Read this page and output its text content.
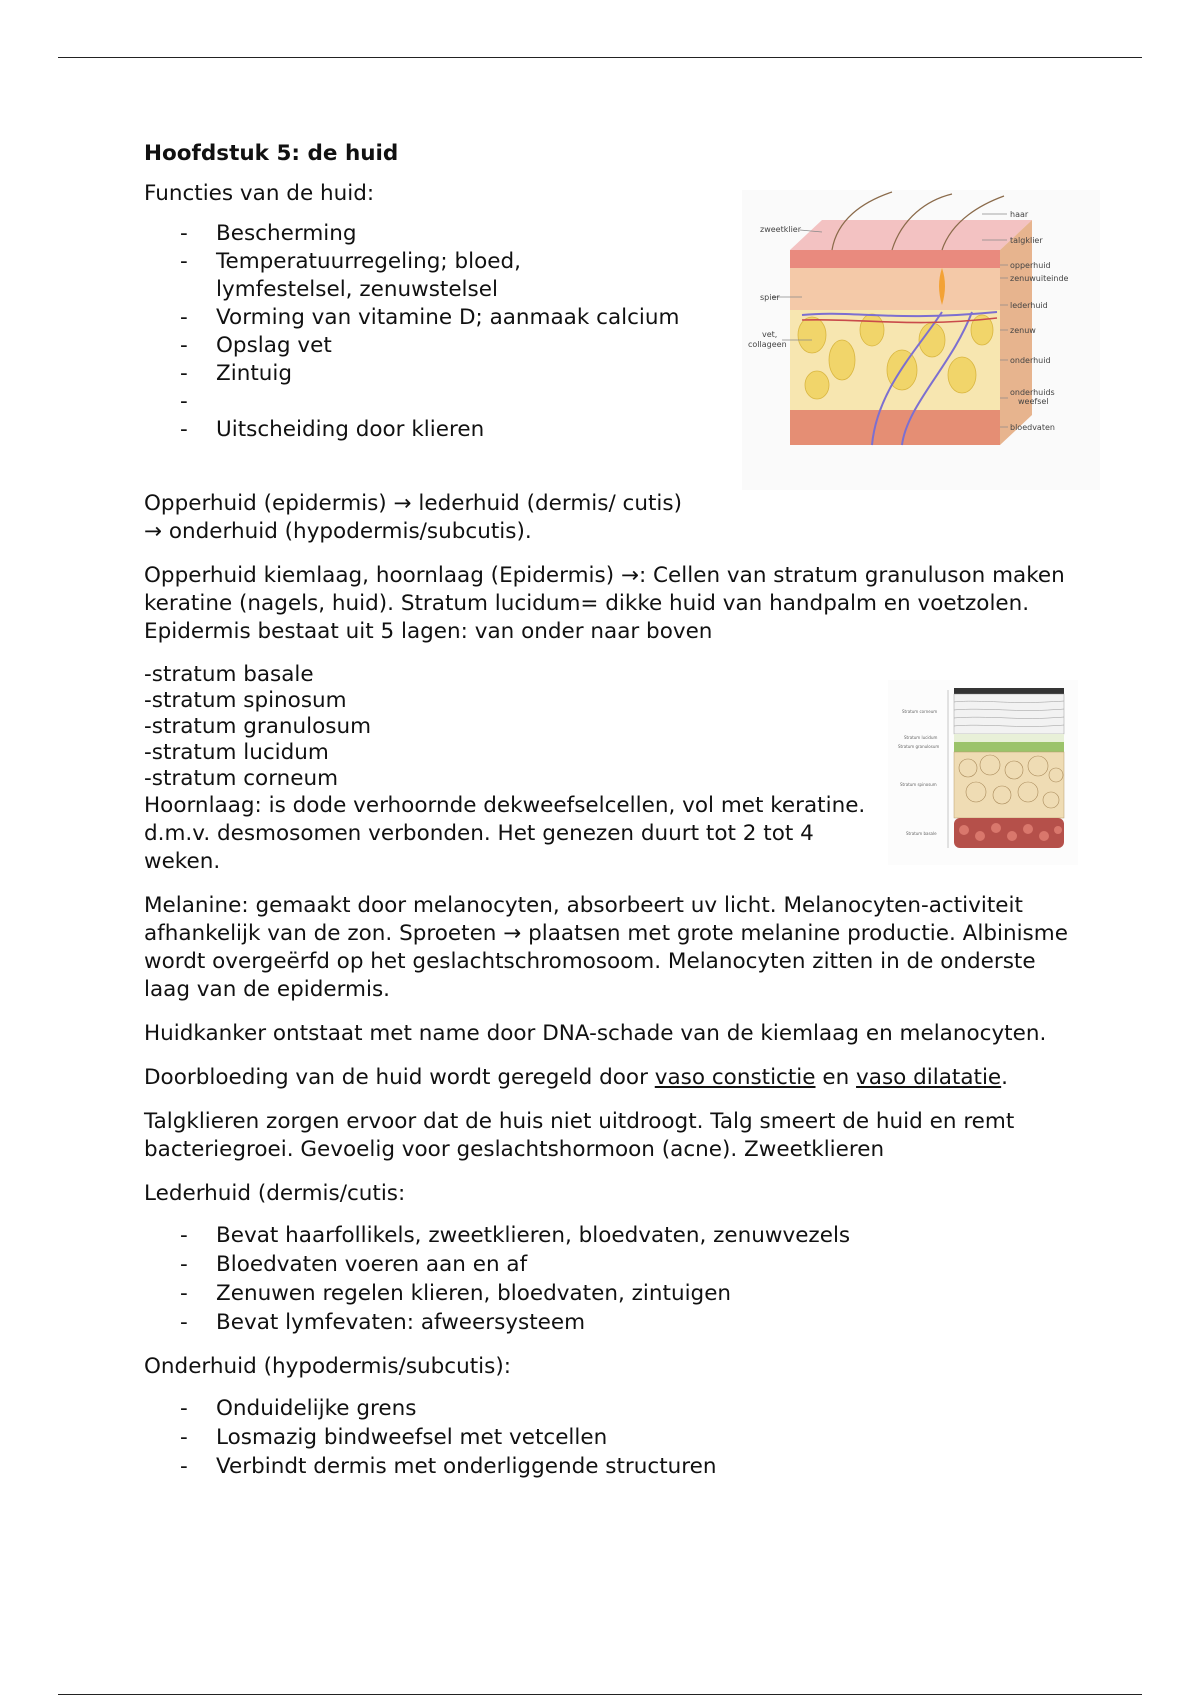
Hoofdstuk 5: de huid

Functies van de huid:

- Bescherming
- Temperatuurregeling; bloed, lymfestelsel, zenuwstelsel
- Vorming van vitamine D; aanmaak calcium
- Opslag vet
- Zintuig
-
- Uitscheiding door klieren

Opperhuid (epidermis) → lederhuid (dermis/ cutis)

→ onderhuid (hypodermis/subcutis).

Opperhuid kiemlaag, hoornlaag (Epidermis) →: Cellen van stratum granuluson maken keratine (nagels, huid). Stratum lucidum= dikke huid van handpalm en voetzolen. Epidermis bestaat uit 5 lagen: van onder naar boven

-stratum basale
-stratum spinosum
-stratum granulosum
-stratum lucidum
-stratum corneum

Hoornlaag: is dode verhoornde dekweefselcellen, vol met keratine. d.m.v. desmosomen verbonden. Het genezen duurt tot 2 tot 4 weken.

Melanine: gemaakt door melanocyten, absorbeert uv licht. Melanocyten-activiteit afhankelijk van de zon. Sproeten → plaatsen met grote melanine productie. Albinisme wordt overgeërfd op het geslachtschromosoom. Melanocyten zitten in de onderste laag van de epidermis.

Huidkanker ontstaat met name door DNA-schade van de kiemlaag en melanocyten.

Doorbloeding van de huid wordt geregeld door vaso constictie en vaso dilatatie.

Talgklieren zorgen ervoor dat de huis niet uitdroogt. Talg smeert de huid en remt bacteriegroei. Gevoelig voor geslachtshormoon (acne). Zweetklieren

Lederhuid (dermis/cutis:

- Bevat haarfollikels, zweetklieren, bloedvaten, zenuwvezels
- Bloedvaten voeren aan en af
- Zenuwen regelen klieren, bloedvaten, zintuigen
- Bevat lymfevaten: afweersysteem

Onderhuid (hypodermis/subcutis):

- Onduidelijke grens
- Losmazig bindweefsel met vetcellen
- Verbindt dermis met onderliggende structuren
zweetklier
spier
vet,
collageen
haar
talgklier
opperhuid
zenuwuiteinde
lederhuid
zenuw
onderhuid
onderhuids
weefsel
bloedvaten
Stratum corneum
Stratum lucidum
Stratum granulosum
Stratum spinosum
Stratum basale
